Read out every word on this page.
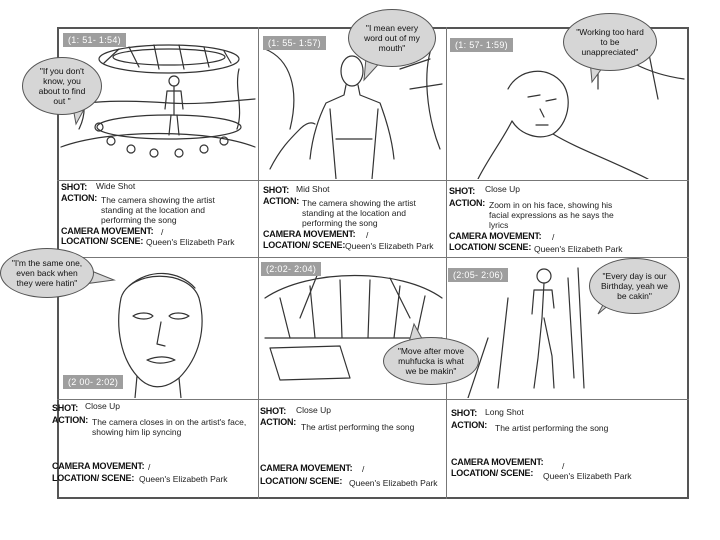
(1: 51- 1:54)	(1: 55- 1:57)	(1: 57- 1:59)
(2 00- 2:02)
(2:02- 2:04)
(2:05- 2:06)
SHOT: Wide Shot
ACTION: The camera showing the artist standing at the location and performing the song
CAMERA MOVEMENT: /
LOCATION/ SCENE: Queen's Elizabeth Park
SHOT: Mid Shot
ACTION: The camera showing the artist standing at the location and performing the song
CAMERA MOVEMENT: /
LOCATION/ SCENE: Queen's Elizabeth Park
SHOT: Close Up
ACTION: Zoom in on his face, showing his facial expressions as he says the lyrics
CAMERA MOVEMENT: /
LOCATION/ SCENE: Queen's Elizabeth Park
SHOT: Close Up
ACTION: The camera closes in on the artist's face, showing him lip syncing
CAMERA MOVEMENT: /
LOCATION/ SCENE: Queen's Elizabeth Park
SHOT: Close Up
ACTION: The artist performing the song
CAMERA MOVEMENT: /
LOCATION/ SCENE: Queen's Elizabeth Park
SHOT: Long Shot
ACTION: The artist performing the song
CAMERA MOVEMENT: /
LOCATION/ SCENE: Queen's Elizabeth Park
"If you don't know, you about to find out "
"I mean every word out of my mouth"
"Working too hard to be unappreciated"
"I'm the same one, even back when they were hatin"
"Move after move muhfucka is what we be makin"
"Every day is our Birthday, yeah we be cakin"
